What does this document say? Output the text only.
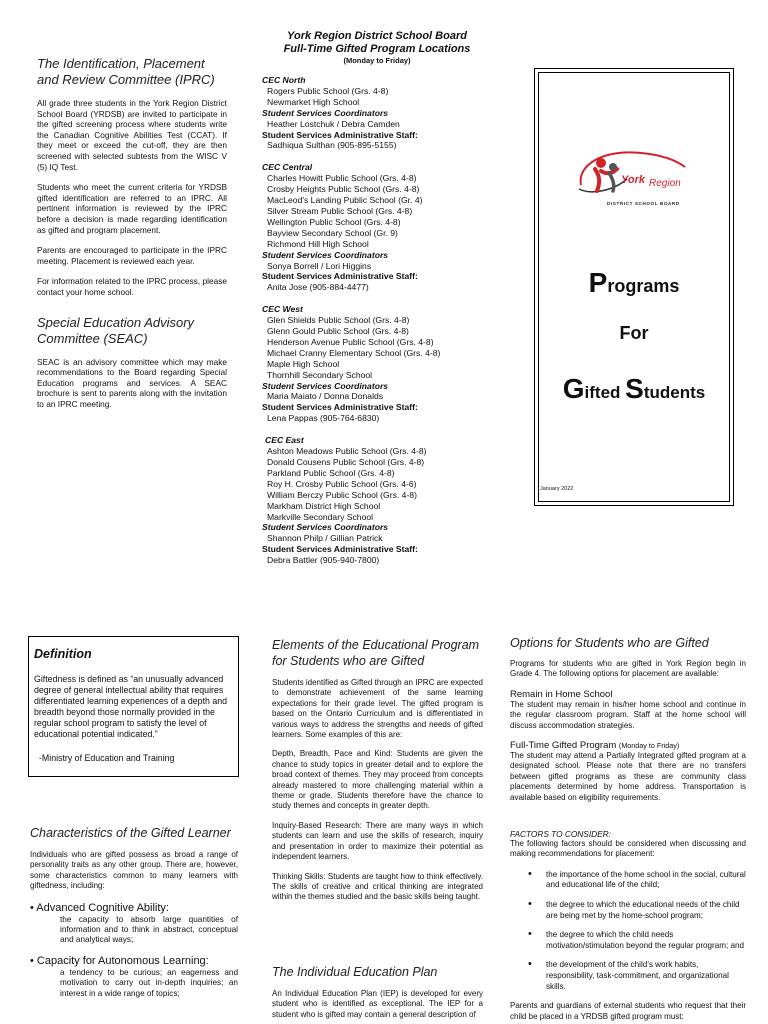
The Identification, Placement
and Review Committee (IPRC)

All grade three students in the York Region District School Board (YRDSB) are invited to participate in the gifted screening process where students write the Canadian Cognitive Abilities Test (CCAT). If they meet or exceed the cut-off, they are then screened with selected subtests from the WISC V (5) IQ Test.

Students who meet the current criteria for YRDSB gifted identification are referred to an IPRC. All pertinent information is reviewed by the IPRC before a decision is made regarding identification as gifted and program placement.

Parents are encouraged to participate in the IPRC meeting. Placement is reviewed each year.

For information related to the IPRC process, please contact your home school.

Special Education Advisory
Committee (SEAC)

SEAC is an advisory committee which may make recommendations to the Board regarding Special Education programs and services. A SEAC brochure is sent to parents along with the invitation to an IPRC meeting.

York Region District School Board
Full-Time Gifted Program Locations
(Monday to Friday)
CEC North
Rogers Public School (Grs. 4-8)
Newmarket High School
Student Services Coordinators
Heather Lostchuk / Debra Camden
Student Services Administrative Staff:
Sadhiqua Sulthan (905-895-5155)
CEC Central
Charles Howitt Public School (Grs. 4-8)
Crosby Heights Public School (Grs. 4-8)
MacLeod's Landing Public School (Gr. 4)
Silver Stream Public School (Grs. 4-8)
Wellington Public School (Grs. 4-8)
Bayview Secondary School (Gr. 9)
Richmond Hill High School
Student Services Coordinators
Sonya Borrell / Lori Higgins
Student Services Administrative Staff:
Anita Jose (905-884-4477)
CEC West
Glen Shields Public School (Grs. 4-8)
Glenn Gould Public School (Grs. 4-8)
Henderson Avenue Public School (Grs. 4-8)
Michael Cranny Elementary School (Grs. 4-8)
Maple High School
Thornhill Secondary School
Student Services Coordinators
Maria Maiato / Donna Donalds
Student Services Administrative Staff:
Lena Pappas (905-764-6830)
CEC East
Ashton Meadows Public School (Grs. 4-8)
Donald Cousens Public School (Grs. 4-8)
Parkland Public School (Grs. 4-8)
Roy H. Crosby Public School (Grs. 4-6)
William Berczy Public School (Grs. 4-8)
Markham District High School
Markville Secondary School
Student Services Coordinators
Shannon Philp / Gillian Patrick
Student Services Administrative Staff:
Debra Battler (905-940-7800)
York Region
DISTRICT SCHOOL BOARD
Programs
For
Gifted Students
January 2022
Definition
Giftedness is defined as “an unusually advanced degree of general intellectual ability that requires differentiated learning experiences of a depth and breadth beyond those normally provided in the regular school program to satisfy the level of educational potential indicated.”
-Ministry of Education and Training
Characteristics of the Gifted Learner

Individuals who are gifted possess as broad a range of personality traits as any other group. There are, however, some characteristics common to many learners with giftedness, including:

• Advanced Cognitive Ability:
the capacity to absorb large quantities of information and to think in abstract, conceptual and analytical ways;
• Capacity for Autonomous Learning:
a tendency to be curious; an eagerness and motivation to carry out in-depth inquiries; an interest in a wide range of topics;
Elements of the Educational Program
for Students who are Gifted

Students identified as Gifted through an IPRC are expected to demonstrate achievement of the same learning expectations for their grade level. The gifted program is based on the Ontario Curriculum and is differentiated in various ways to address the strengths and needs of gifted learners. Some examples of this are:

Depth, Breadth, Pace and Kind: Students are given the chance to study topics in greater detail and to explore the broad context of themes. They may proceed from concepts already mastered to more challenging material within a theme or grade. Students therefore have the chance to study themes and concepts in greater depth.

Inquiry-Based Research: There are many ways in which students can learn and use the skills of research, inquiry and presentation in order to maximize their potential as independent learners.

Thinking Skills: Students are taught how to think effectively. The skills of creative and critical thinking are integrated within the themes studied and the basic skills being taught.

The Individual Education Plan

An Individual Education Plan (IEP) is developed for every student who is identified as exceptional. The IEP for a student who is gifted may contain a general description of

Options for Students who are Gifted

Programs for students who are gifted in York Region begin in Grade 4. The following options for placement are available:

Remain in Home School

The student may remain in his/her home school and continue in the regular classroom program. Staff at the home school will discuss accommodation strategies.

Full-Time Gifted Program (Monday to Friday)

The student may attend a Partially Integrated gifted program at a designated school. Please note that there are no transfers between gifted programs as these are community class placements determined by home address. Transportation is available based on eligibility requirements.

FACTORS TO CONSIDER:

The following factors should be considered when discussing and making recommendations for placement:

• the importance of the home school in the social, cultural and educational life of the child;
• the degree to which the educational needs of the child are being met by the home-school program;
• the degree to which the child needs motivation/stimulation beyond the regular program; and
• the development of the child’s work habits, responsibility, task-commitment, and organizational skills.

Parents and guardians of external students who request that their child be placed in a YRDSB gifted program must:
